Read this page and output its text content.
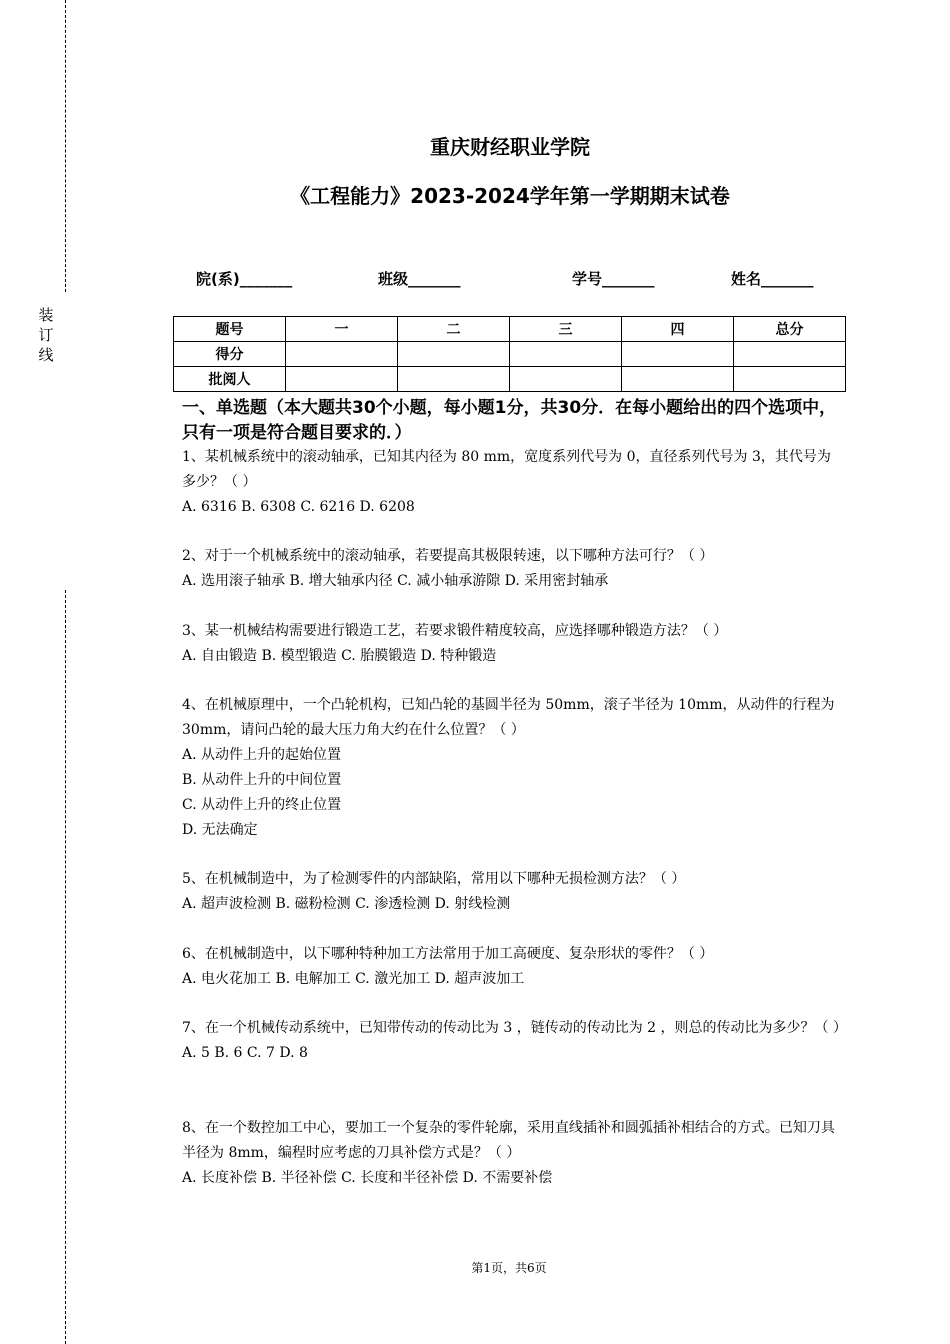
装订线
重庆财经职业学院
《工程能力》2023-2024学年第一学期期末试卷
院(系)_______	班级_______	学号_______	姓名_______
题号	一	二	三	四	总分
得分					
批阅人					
一、单选题（本大题共30个小题，每小题1分，共30分．在每小题给出的四个选项中，只有一项是符合题目要求的．）
1、某机械系统中的滚动轴承，已知其内径为 80 mm，宽度系列代号为 0，直径系列代号为 3，其代号为多少？（ ）
A. 6316 B. 6308 C. 6216 D. 6208
2、对于一个机械系统中的滚动轴承，若要提高其极限转速，以下哪种方法可行？（ ）
A. 选用滚子轴承 B. 增大轴承内径 C. 减小轴承游隙 D. 采用密封轴承
3、某一机械结构需要进行锻造工艺，若要求锻件精度较高，应选择哪种锻造方法？（ ）
A. 自由锻造 B. 模型锻造 C. 胎膜锻造 D. 特种锻造
4、在机械原理中，一个凸轮机构，已知凸轮的基圆半径为 50mm，滚子半径为 10mm，从动件的行程为 30mm，请问凸轮的最大压力角大约在什么位置？（ ）
A. 从动件上升的起始位置
B. 从动件上升的中间位置
C. 从动件上升的终止位置
D. 无法确定
5、在机械制造中，为了检测零件的内部缺陷，常用以下哪种无损检测方法？（ ）
A. 超声波检测 B. 磁粉检测 C. 渗透检测 D. 射线检测
6、在机械制造中，以下哪种特种加工方法常用于加工高硬度、复杂形状的零件？（ ）
A. 电火花加工 B. 电解加工 C. 激光加工 D. 超声波加工
7、在一个机械传动系统中，已知带传动的传动比为 3 ，链传动的传动比为 2 ，则总的传动比为多少？（ ）
A. 5 B. 6 C. 7 D. 8
8、在一个数控加工中心，要加工一个复杂的零件轮廓，采用直线插补和圆弧插补相结合的方式。已知刀具半径为 8mm，编程时应考虑的刀具补偿方式是？（ ）
A. 长度补偿 B. 半径补偿 C. 长度和半径补偿 D. 不需要补偿
第1页，共6页
